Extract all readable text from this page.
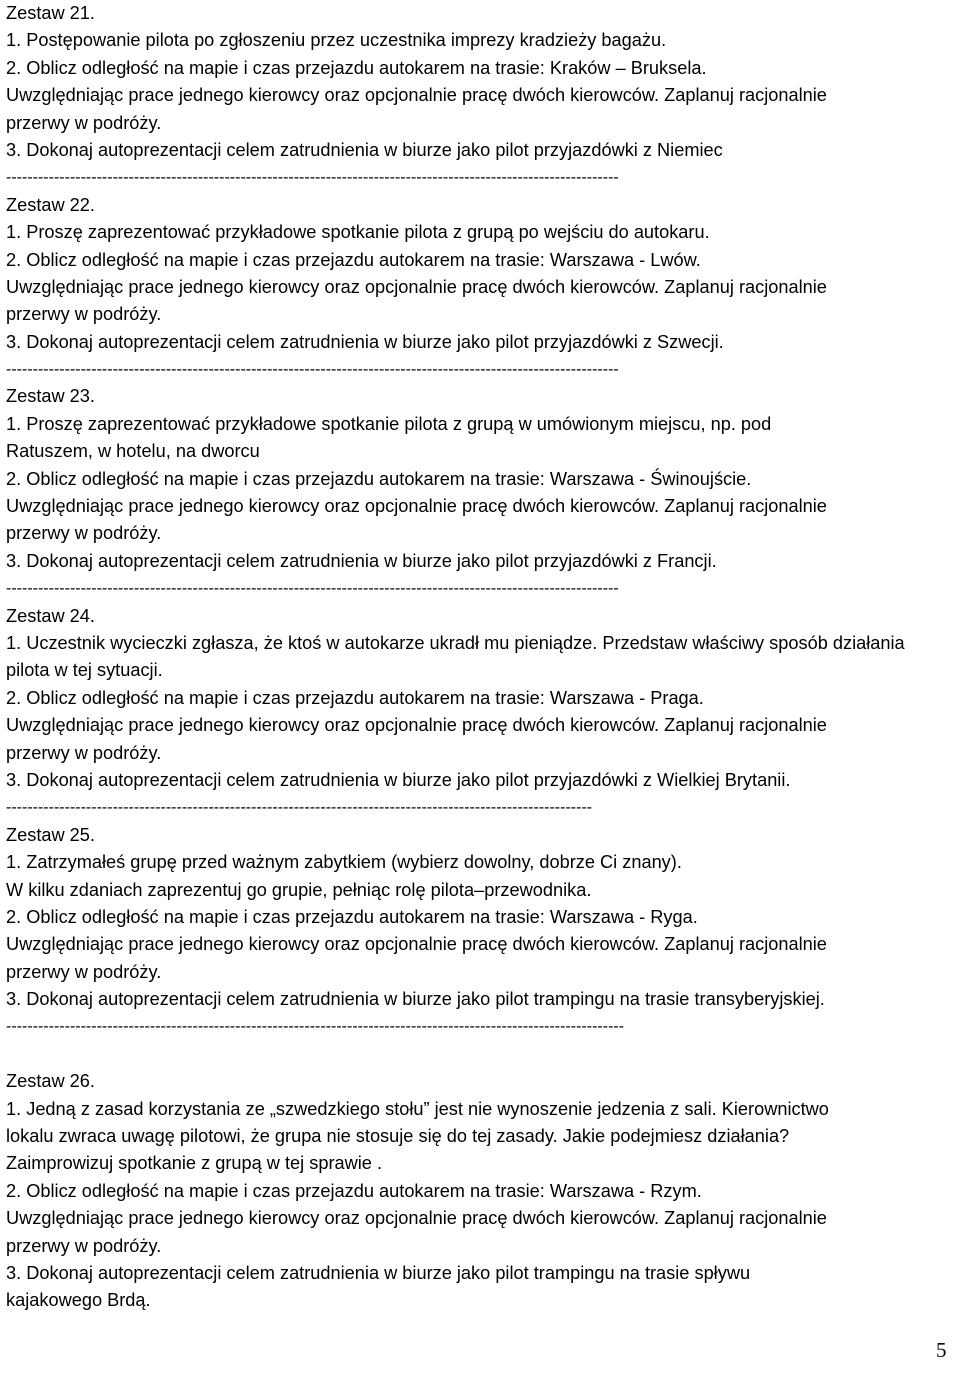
Zestaw 21.
1. Postępowanie pilota po zgłoszeniu przez uczestnika imprezy kradzieży bagażu.
2. Oblicz odległość na mapie i czas przejazdu autokarem na trasie: Kraków – Bruksela.
Uwzględniając prace jednego kierowcy oraz opcjonalnie pracę dwóch kierowców. Zaplanuj racjonalnie
przerwy w podróży.
3. Dokonaj autoprezentacji celem zatrudnienia w biurze jako pilot przyjazdówki z Niemiec
-------------------------------------------------------------------------------------------------------------------
Zestaw 22.
1. Proszę zaprezentować przykładowe spotkanie pilota z grupą po wejściu do autokaru.
2. Oblicz odległość na mapie i czas przejazdu autokarem na trasie: Warszawa - Lwów.
Uwzględniając prace jednego kierowcy oraz opcjonalnie pracę dwóch kierowców. Zaplanuj racjonalnie
przerwy w podróży.
3. Dokonaj autoprezentacji celem zatrudnienia w biurze jako pilot przyjazdówki z Szwecji.
-------------------------------------------------------------------------------------------------------------------
Zestaw 23.
1. Proszę zaprezentować przykładowe spotkanie pilota z grupą w umówionym miejscu, np. pod
Ratuszem, w hotelu, na dworcu
2. Oblicz odległość na mapie i czas przejazdu autokarem na trasie: Warszawa - Świnoujście.
Uwzględniając prace jednego kierowcy oraz opcjonalnie pracę dwóch kierowców. Zaplanuj racjonalnie
przerwy w podróży.
3. Dokonaj autoprezentacji celem zatrudnienia w biurze jako pilot przyjazdówki z Francji.
-------------------------------------------------------------------------------------------------------------------
Zestaw 24.
1. Uczestnik wycieczki zgłasza, że ktoś w autokarze ukradł mu pieniądze. Przedstaw właściwy sposób działania
pilota w tej sytuacji.
2. Oblicz odległość na mapie i czas przejazdu autokarem na trasie: Warszawa - Praga.
Uwzględniając prace jednego kierowcy oraz opcjonalnie pracę dwóch kierowców. Zaplanuj racjonalnie
przerwy w podróży.
3. Dokonaj autoprezentacji celem zatrudnienia w biurze jako pilot przyjazdówki z Wielkiej Brytanii.
--------------------------------------------------------------------------------------------------------------
Zestaw 25.
1. Zatrzymałeś grupę przed ważnym zabytkiem (wybierz dowolny, dobrze Ci znany).
W kilku zdaniach zaprezentuj go grupie, pełniąc rolę pilota–przewodnika.
2. Oblicz odległość na mapie i czas przejazdu autokarem na trasie: Warszawa - Ryga.
Uwzględniając prace jednego kierowcy oraz opcjonalnie pracę dwóch kierowców. Zaplanuj racjonalnie
przerwy w podróży.
3. Dokonaj autoprezentacji celem zatrudnienia w biurze jako pilot trampingu na trasie transyberyjskiej.
--------------------------------------------------------------------------------------------------------------------
Zestaw 26.
1. Jedną z zasad korzystania ze „szwedzkiego stołu” jest nie wynoszenie jedzenia z sali. Kierownictwo
lokalu zwraca uwagę pilotowi, że grupa nie stosuje się do tej zasady. Jakie podejmiesz działania?
Zaimprowizuj spotkanie z grupą w tej sprawie .
2. Oblicz odległość na mapie i czas przejazdu autokarem na trasie: Warszawa - Rzym.
Uwzględniając prace jednego kierowcy oraz opcjonalnie pracę dwóch kierowców. Zaplanuj racjonalnie
przerwy w podróży.
3. Dokonaj autoprezentacji celem zatrudnienia w biurze jako pilot trampingu na trasie spływu
kajakowego Brdą.
5
